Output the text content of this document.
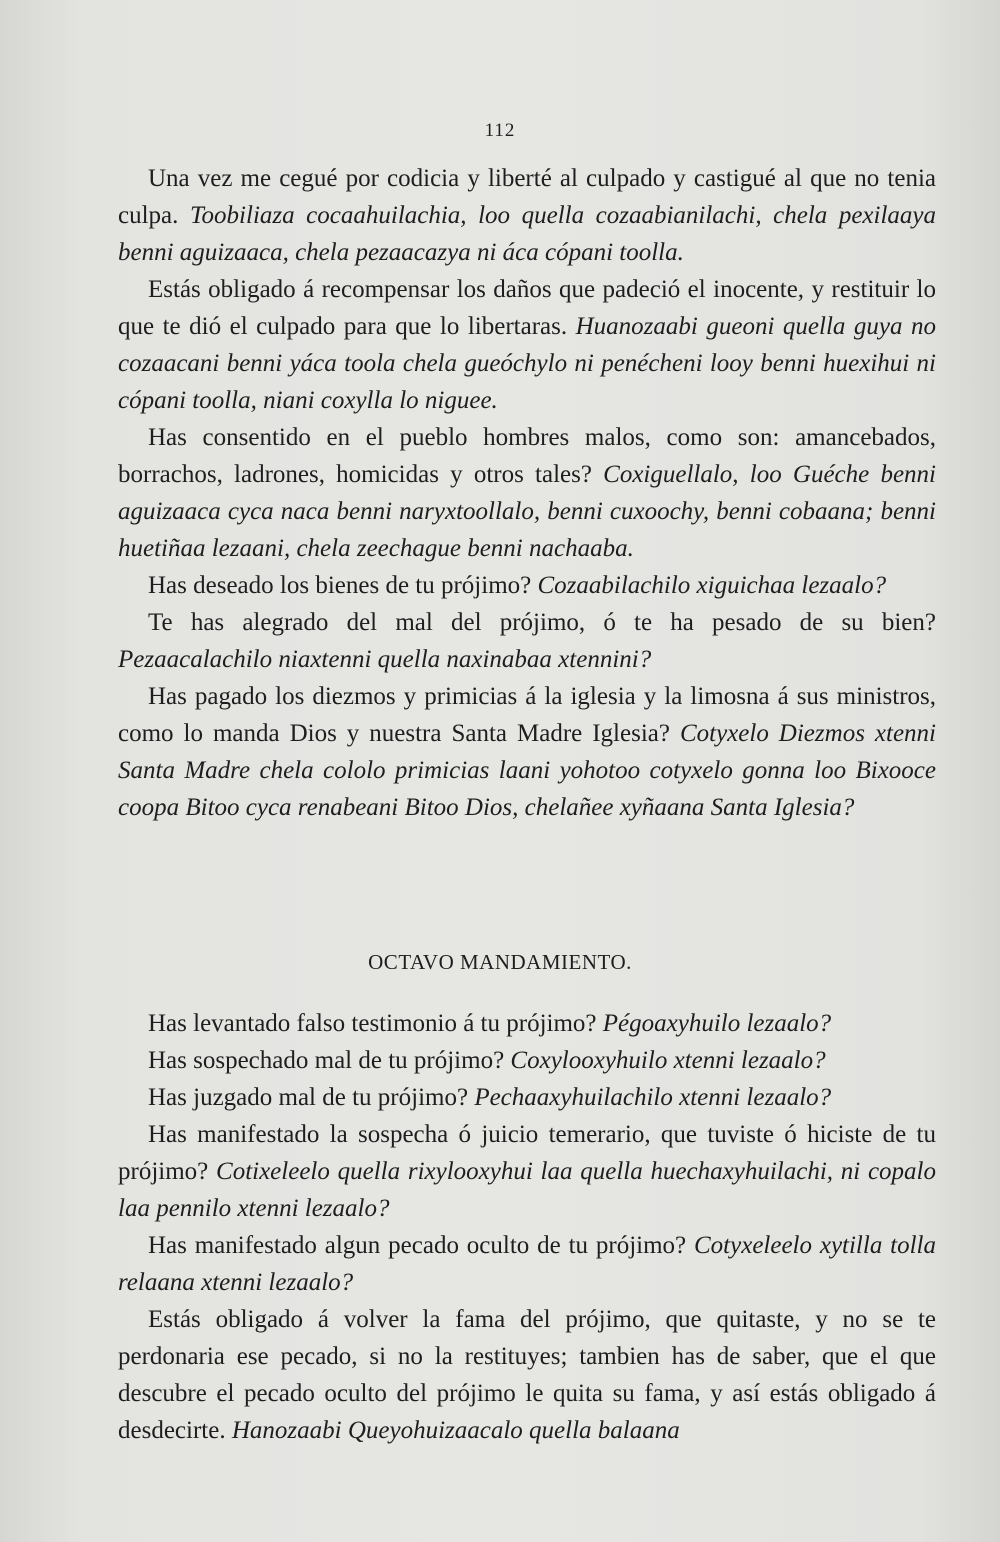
112

Una vez me cegué por codicia y liberté al culpado y castigué al que no tenia culpa. Toobiliaza cocaahuilachia, loo quella cozaabianilachi, chela pexilaaya benni aguizaaca, chela pezaacazya ni áca cópani toolla.

Estás obligado á recompensar los daños que padeció el inocente, y restituir lo que te dió el culpado para que lo libertaras. Huanozaabi gueoni quella guya no cozaacani benni yáca toola chela gueóchylo ni penécheni looy benni huexihui ni cópani toolla, niani coxylla lo niguee.

Has consentido en el pueblo hombres malos, como son: amancebados, borrachos, ladrones, homicidas y otros tales? Coxiguellalo, loo Guéche benni aguizaaca cyca naca benni naryxtoollalo, benni cuxoochy, benni cobaana; benni huetiñaa lezaani, chela zeechague benni nachaaba.

Has deseado los bienes de tu prójimo? Cozaabilachilo xiguichaa lezaalo?

Te has alegrado del mal del prójimo, ó te ha pesado de su bien? Pezaacalachilo niaxtenni quella naxinabaa xtennini?

Has pagado los diezmos y primicias á la iglesia y la limosna á sus ministros, como lo manda Dios y nuestra Santa Madre Iglesia? Cotyxelo Diezmos xtenni Santa Madre chela cololo primicias laani yohotoo cotyxelo gonna loo Bixooce coopa Bitoo cyca renabeani Bitoo Dios, chelañee xyñaana Santa Iglesia?

OCTAVO MANDAMIENTO.

Has levantado falso testimonio á tu prójimo? Pégoaxyhuilo lezaalo?

Has sospechado mal de tu prójimo? Coxylooxyhuilo xtenni lezaalo?

Has juzgado mal de tu prójimo? Pechaaxyhuilachilo xtenni lezaalo?

Has manifestado la sospecha ó juicio temerario, que tuviste ó hiciste de tu prójimo? Cotixeleelo quella rixylooxyhui laa quella huechaxyhuilachi, ni copalo laa pennilo xtenni lezaalo?

Has manifestado algun pecado oculto de tu prójimo? Cotyxeleelo xytilla tolla relaana xtenni lezaalo?

Estás obligado á volver la fama del prójimo, que quitaste, y no se te perdonaria ese pecado, si no la restituyes; tambien has de saber, que el que descubre el pecado oculto del prójimo le quita su fama, y así estás obligado á desdecirte. Hanozaabi Queyohuizaacalo quella balaana
